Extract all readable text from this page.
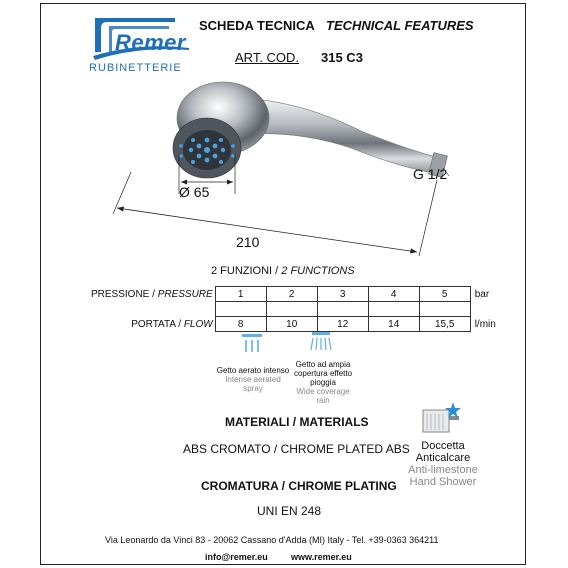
Remer
RUBINETTERIE
SCHEDA TECNICA TECHNICAL FEATURES
ART. COD. 315 C3
Ø 65
210
G 1/2
2 FUNZIONI / 2 FUNCTIONS
PRESSIONE / PRESSURE	1	2	3	4	5	bar

PORTATA / FLOW	8	10	12	14	15,5	l/min
Getto aerato intenso
Intense aerated
spray
Getto ad ampia
copertura effetto
pioggia
Wide coverage
rain
MATERIALI / MATERIALS
ABS CROMATO / CHROME PLATED ABS
CROMATURA / CHROME PLATING
UNI EN 248
Doccetta
Anticalcare
Anti-limestone
Hand Shower
Via Leonardo da Vinci 83 - 20062 Cassano d'Adda (MI) Italy - Tel. +39-0363 364211
info@remer.eu	www.remer.eu
